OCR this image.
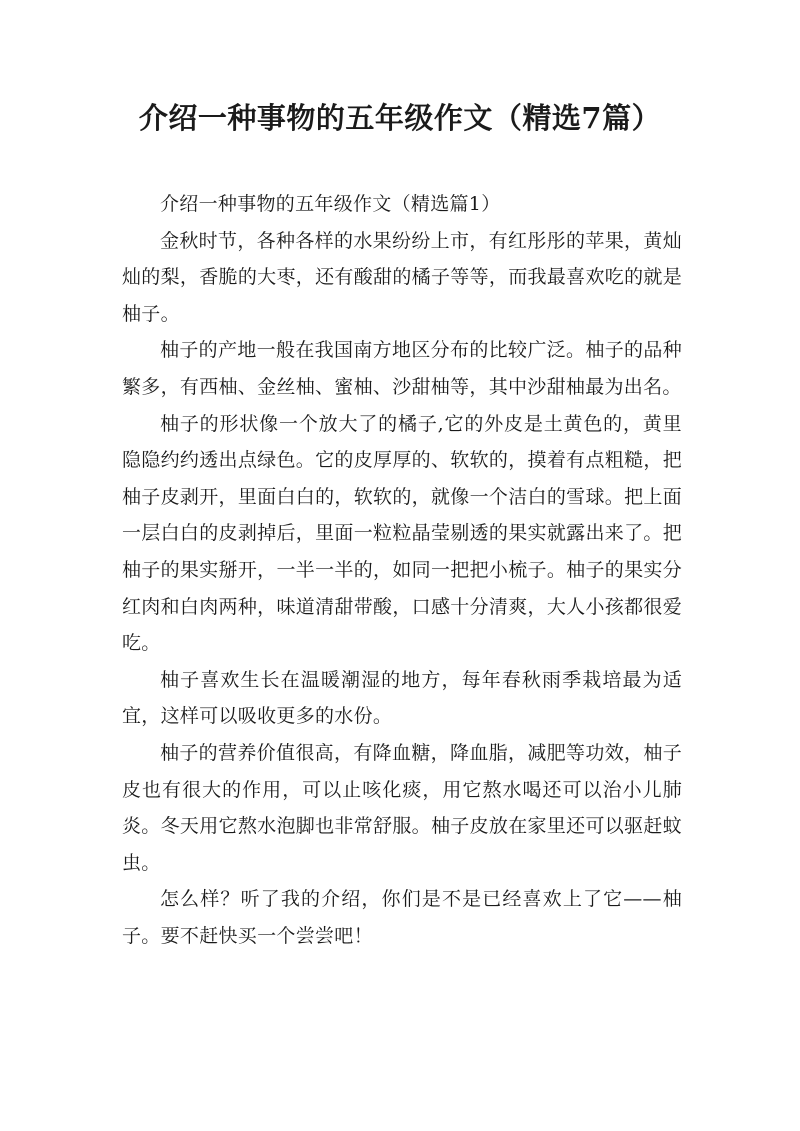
介绍一种事物的五年级作文（精选7篇）

介绍一种事物的五年级作文（精选篇1）

金秋时节，各种各样的水果纷纷上市，有红彤彤的苹果，黄灿灿的梨，香脆的大枣，还有酸甜的橘子等等，而我最喜欢吃的就是柚子。

柚子的产地一般在我国南方地区分布的比较广泛。柚子的品种繁多，有西柚、金丝柚、蜜柚、沙甜柚等，其中沙甜柚最为出名。

柚子的形状像一个放大了的橘子,它的外皮是土黄色的，黄里隐隐约约透出点绿色。它的皮厚厚的、软软的，摸着有点粗糙，把柚子皮剥开，里面白白的，软软的，就像一个洁白的雪球。把上面一层白白的皮剥掉后，里面一粒粒晶莹剔透的果实就露出来了。把柚子的果实掰开，一半一半的，如同一把把小梳子。柚子的果实分红肉和白肉两种，味道清甜带酸，口感十分清爽，大人小孩都很爱吃。

柚子喜欢生长在温暖潮湿的地方，每年春秋雨季栽培最为适宜，这样可以吸收更多的水份。

柚子的营养价值很高，有降血糖，降血脂，减肥等功效，柚子皮也有很大的作用，可以止咳化痰，用它熬水喝还可以治小儿肺炎。冬天用它熬水泡脚也非常舒服。柚子皮放在家里还可以驱赶蚊虫。

怎么样？听了我的介绍，你们是不是已经喜欢上了它——柚子。要不赶快买一个尝尝吧！
